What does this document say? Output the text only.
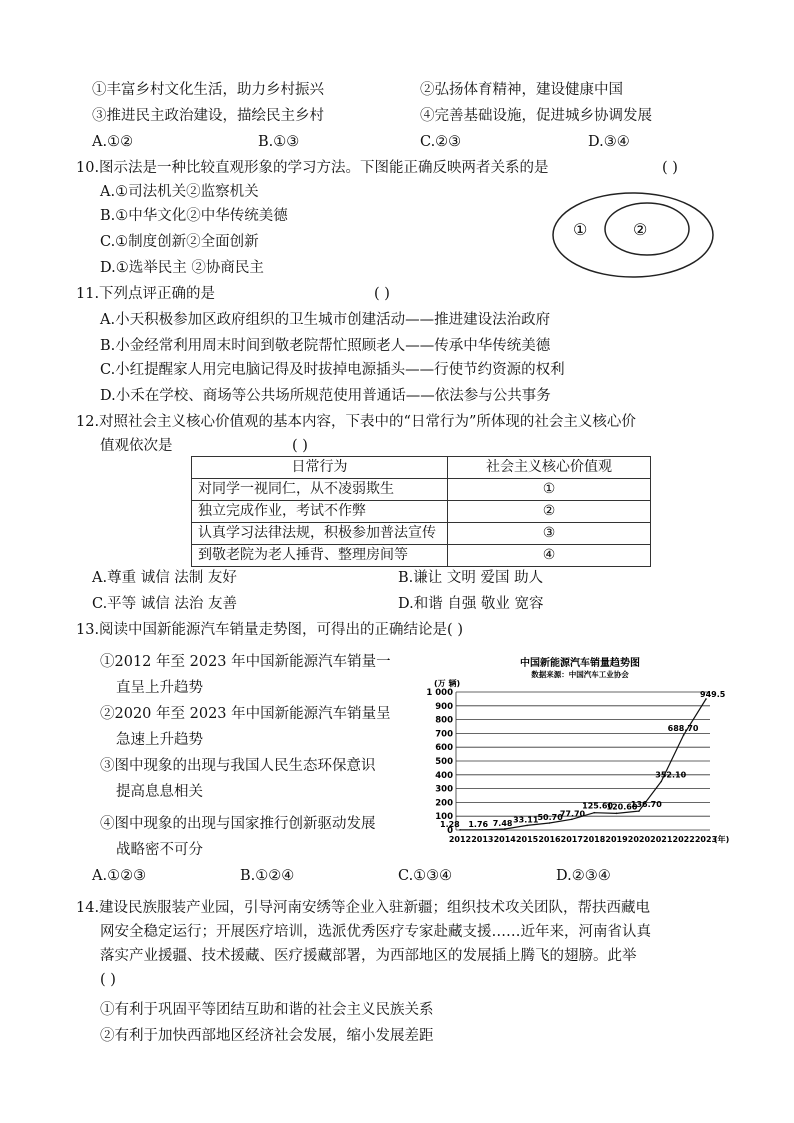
①丰富乡村文化生活，助力乡村振兴	②弘扬体育精神，建设健康中国
③推进民主政治建设，描绘民主乡村	④完善基础设施，促进城乡协调发展
A.①②	B.①③	C.②③	D.③④
10.图示法是一种比较直观形象的学习方法。下图能正确反映两者关系的是	( )
A.①司法机关②监察机关
B.①中华文化②中华传统美德
C.①制度创新②全面创新
D.①选举民主 ②协商民主
①	②
11.下列点评正确的是	( )
A.小天积极参加区政府组织的卫生城市创建活动——推进建设法治政府
B.小金经常利用周末时间到敬老院帮忙照顾老人——传承中华传统美德
C.小红提醒家人用完电脑记得及时拔掉电源插头——行使节约资源的权利
D.小禾在学校、商场等公共场所规范使用普通话——依法参与公共事务
12.对照社会主义核心价值观的基本内容，下表中的“日常行为”所体现的社会主义核心价
值观依次是	( )
日常行为	社会主义核心价值观
对同学一视同仁，从不凌弱欺生	①
独立完成作业，考试不作弊	②
认真学习法律法规，积极参加普法宣传	③
到敬老院为老人捶背、整理房间等	④
A.尊重 诚信 法制 友好	B.谦让 文明 爱国 助人
C.平等 诚信 法治 友善	D.和谐 自强 敬业 宽容
13.阅读中国新能源汽车销量走势图，可得出的正确结论是( )
①2012 年至 2023 年中国新能源汽车销量一
直呈上升趋势
②2020 年至 2023 年中国新能源汽车销量呈
急速上升趋势
③图中现象的出现与我国人民生态环保意识
提高息息相关
④图中现象的出现与国家推行创新驱动发展
战略密不可分
A.①②③	B.①②④	C.①③④	D.②③④
中国新能源汽车销量趋势图
数据来源：中国汽车工业协会
(万 辆)
0
100
200
300
400
500
600
700
800
900
1 000
1.28 1.76 7.48 33.11 50.70
77.70
125.60
120.60
136.70
352.10
688.70
949.5
2012 2013 2014 2015 2016 2017 2018 2019 2020 2021 2022 2023
(年)
14.建设民族服装产业园，引导河南安绣等企业入驻新疆；组织技术攻关团队，帮扶西藏电
网安全稳定运行；开展医疗培训，选派优秀医疗专家赴藏支援……近年来，河南省认真
落实产业援疆、技术援藏、医疗援藏部署，为西部地区的发展插上腾飞的翅膀。此举
( )
①有利于巩固平等团结互助和谐的社会主义民族关系
②有利于加快西部地区经济社会发展，缩小发展差距
